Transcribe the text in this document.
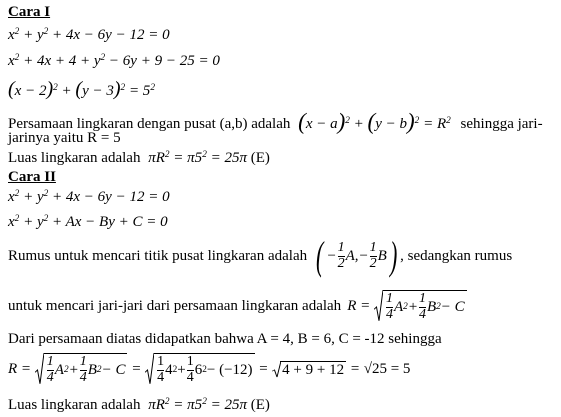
Cara I
$x^2 + y^2 + 4x - 6y - 12 = 0$
$x^2 + 4x + 4 + y^2 - 6y + 9 - 25 = 0$
$(x - 2)^2 + (y - 3)^2 = 5^2$
Persamaan lingkaran dengan pusat (a,b) adalah $(x - a)^2 + (y - b)^2 = R^2$ sehingga jari-
jarinya yaitu R = 5
Luas lingkaran adalah $\pi R^2 = \pi 5^2 = 25\pi$ (E)
Cara II
$x^2 + y^2 + 4x - 6y - 12 = 0$
$x^2 + y^2 + Ax - By + C = 0$
Rumus untuk mencari titik pusat lingkaran adalah ( −
1
2 A,−
1
2 B ) , sedangkan rumus
untuk mencari jari-jari dari persamaan lingkaran adalah R = 1
4 A 2 +
1
4 B 2 − C
Dari persamaan diatas didapatkan bahwa A = 4, B = 6, C = -12 sehingga
R = 1
4 A 2 +
1
4 B 2 − C = 1
4 4 2 +
1
4 6 2 − (−12) = 4 + 9 + 12 = √25 = 5
Luas lingkaran adalah $\pi R^2 = \pi 5^2 = 25\pi$ (E)
